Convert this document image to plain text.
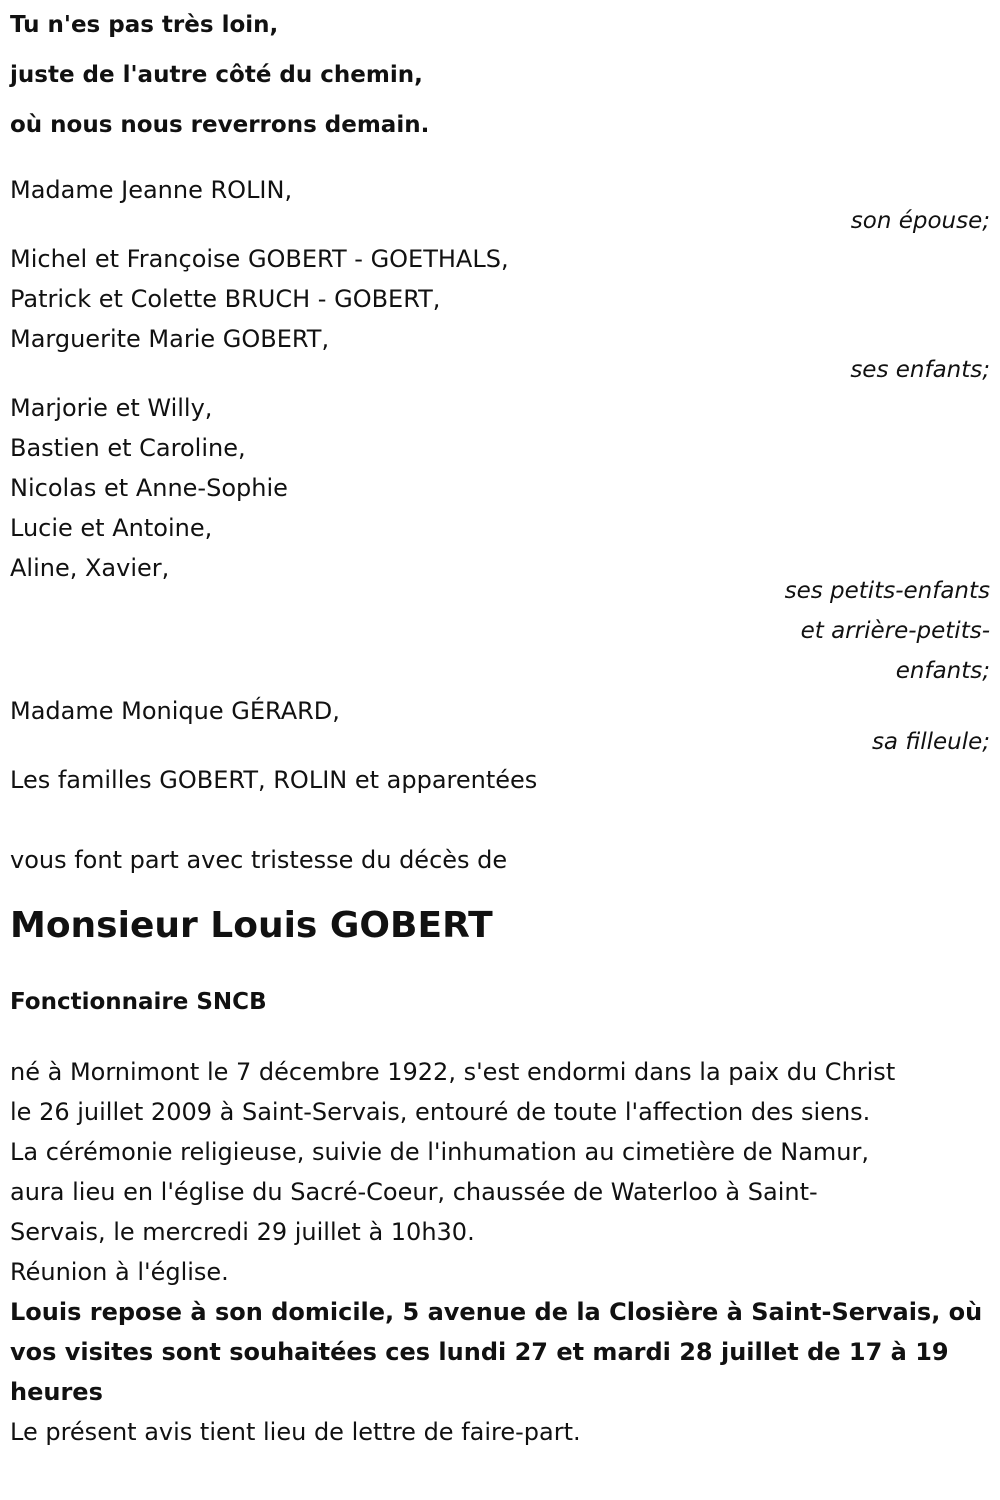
Tu n'es pas très loin,
juste de l'autre côté du chemin,
où nous nous reverrons demain.
Madame Jeanne ROLIN,
son épouse;
Michel et Françoise GOBERT - GOETHALS,
Patrick et Colette BRUCH - GOBERT,
Marguerite Marie GOBERT,
ses enfants;
Marjorie et Willy,
Bastien et Caroline,
Nicolas et Anne-Sophie
Lucie et Antoine,
Aline, Xavier,
ses petits-enfants
et arrière-petits-
enfants;
Madame Monique GÉRARD,
sa filleule;
Les familles GOBERT, ROLIN et apparentées
vous font part avec tristesse du décès de
Monsieur Louis GOBERT
Fonctionnaire SNCB
né à Mornimont le 7 décembre 1922, s'est endormi dans la paix du Christ
le 26 juillet 2009 à Saint-Servais, entouré de toute l'affection des siens.
La cérémonie religieuse, suivie de l'inhumation au cimetière de Namur,
aura lieu en l'église du Sacré-Coeur, chaussée de Waterloo à Saint-
Servais, le mercredi 29 juillet à 10h30.
Réunion à l'église.
Louis repose à son domicile, 5 avenue de la Closière à Saint-Servais, où
vos visites sont souhaitées ces lundi 27 et mardi 28 juillet de 17 à 19
heures
Le présent avis tient lieu de lettre de faire-part.
